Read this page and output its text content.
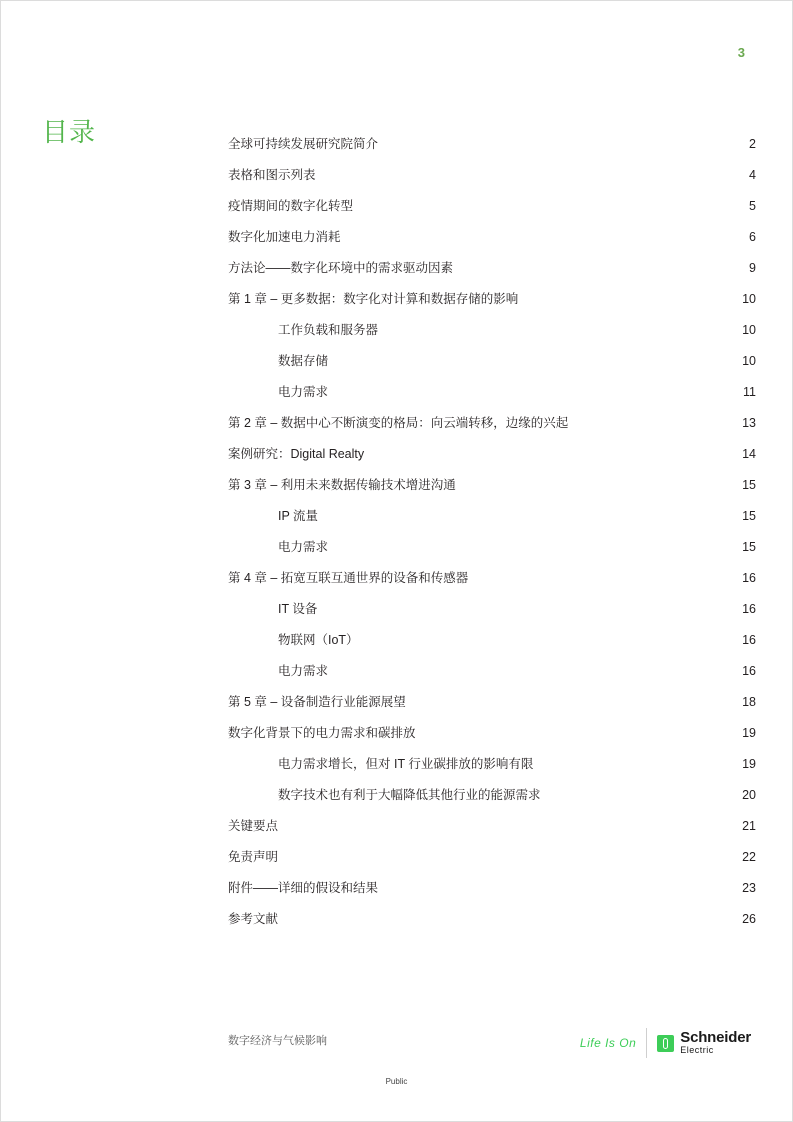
3
目录	全球可持续发展研究院简介	2
表格和图示列表	4
疫情期间的数字化转型	5
数字化加速电力消耗	6
方法论——数字化环境中的需求驱动因素	9
第 1 章 – 更多数据：数字化对计算和数据存储的影响	10
工作负载和服务器	10
数据存储	10
电力需求	11
第 2 章 – 数据中心不断演变的格局：向云端转移，边缘的兴起	13
案例研究：Digital Realty	14
第 3 章 – 利用未来数据传输技术增进沟通	15
IP 流量	15
电力需求	15
第 4 章 – 拓宽互联互通世界的设备和传感器	16
IT 设备	16
物联网（IoT）	16
电力需求	16
第 5 章 – 设备制造行业能源展望	18
数字化背景下的电力需求和碳排放	19
电力需求增长，但对 IT 行业碳排放的影响有限	19
数字技术也有利于大幅降低其他行业的能源需求	20
关键要点	21
免责声明	22
附件——详细的假设和结果	23
参考文献	26
数字经济与气候影响
Public
Life Is On	Schneider
Electric
